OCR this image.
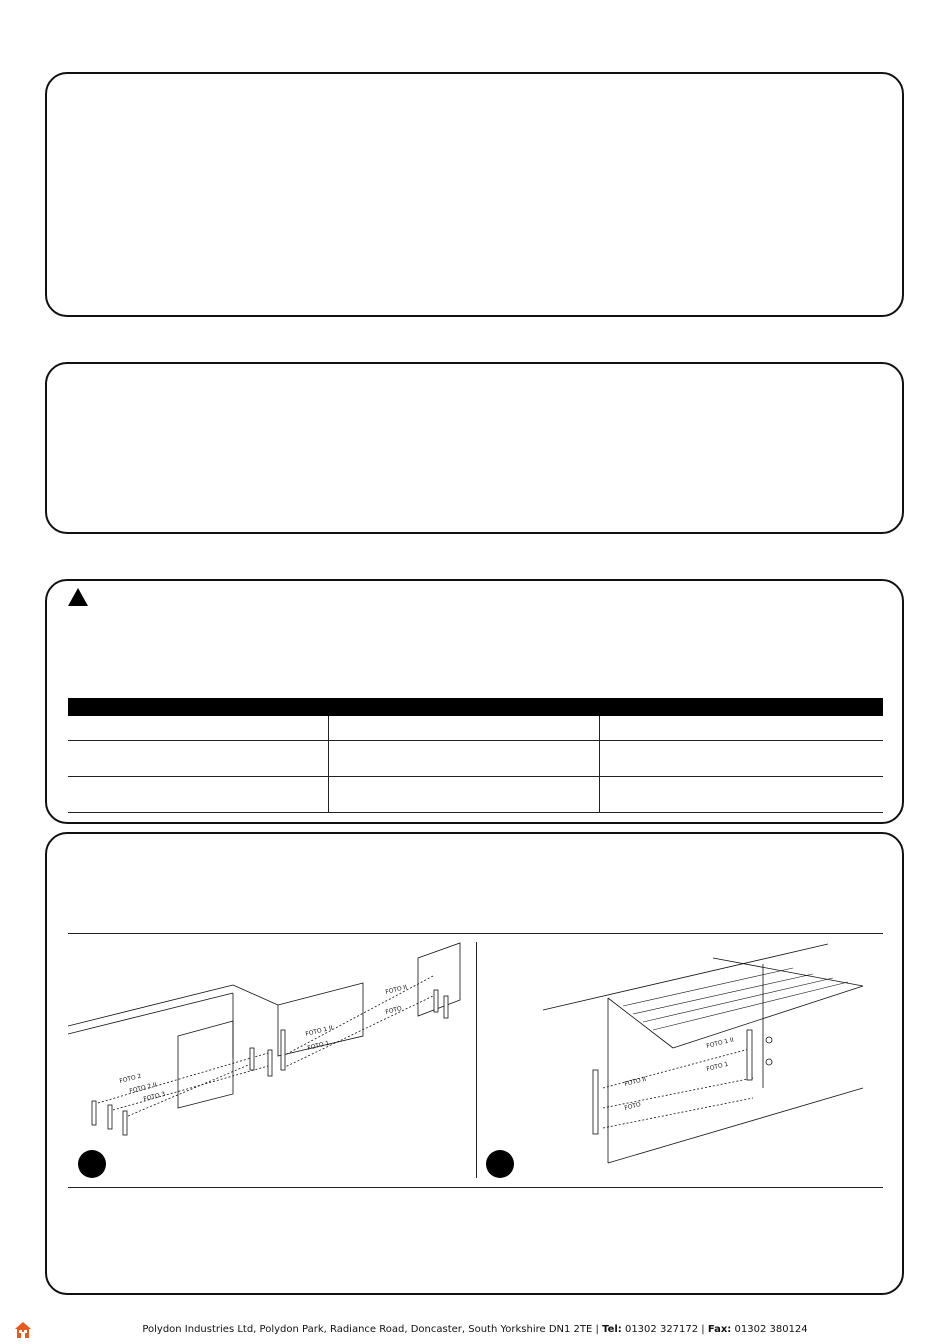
FOTO 2
FOTO 2 II
FOTO 3
FOTO 1 II
FOTO 1
FOTO II
FOTO
FOTO 1 II
FOTO 1
FOTO II
FOTO
Polydon Industries Ltd, Polydon Park, Radiance Road, Doncaster, South Yorkshire DN1 2TE | Tel: 01302 327172 | Fax: 01302 380124
